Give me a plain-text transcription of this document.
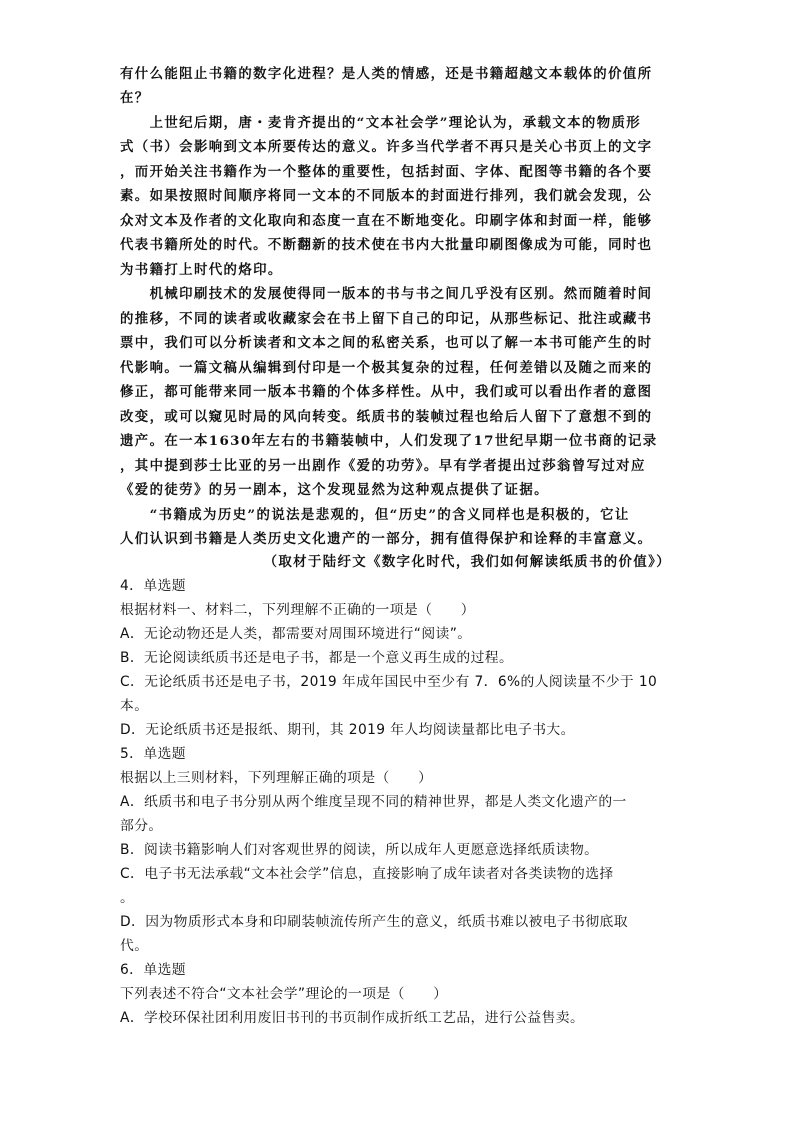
有什么能阻止书籍的数字化进程？是人类的情感，还是书籍超越文本载体的价值所
在？
　　上世纪后期，唐・麦肯齐提出的“文本社会学”理论认为，承载文本的物质形
式（书）会影响到文本所要传达的意义。许多当代学者不再只是关心书页上的文字
，而开始关注书籍作为一个整体的重要性，包括封面、字体、配图等书籍的各个要
素。如果按照时间顺序将同一文本的不同版本的封面进行排列，我们就会发现，公
众对文本及作者的文化取向和态度一直在不断地变化。印刷字体和封面一样，能够
代表书籍所处的时代。不断翻新的技术使在书内大批量印刷图像成为可能，同时也
为书籍打上时代的烙印。
　　机械印刷技术的发展使得同一版本的书与书之间几乎没有区别。然而随着时间
的推移，不同的读者或收藏家会在书上留下自己的印记，从那些标记、批注或藏书
票中，我们可以分析读者和文本之间的私密关系，也可以了解一本书可能产生的时
代影响。一篇文稿从编辑到付印是一个极其复杂的过程，任何差错以及随之而来的
修正，都可能带来同一版本书籍的个体多样性。从中，我们或可以看出作者的意图
改变，或可以窥见时局的风向转变。纸质书的装帧过程也给后人留下了意想不到的
遗产。在一本1630年左右的书籍装帧中，人们发现了17世纪早期一位书商的记录
，其中提到莎士比亚的另一出剧作《爱的功劳》。早有学者提出过莎翁曾写过对应
《爱的徒劳》的另一剧本，这个发现显然为这种观点提供了证据。
　　“书籍成为历史”的说法是悲观的，但“历史”的含义同样也是积极的，它让
人们认识到书籍是人类历史文化遗产的一部分，拥有值得保护和诠释的丰富意义。
（取材于陆纡文《数字化时代，我们如何解读纸质书的价值》）
4．单选题
根据材料一、材料二，下列理解不正确的一项是（　　）
A．无论动物还是人类，都需要对周围环境进行“阅读”。
B．无论阅读纸质书还是电子书，都是一个意义再生成的过程。
C．无论纸质书还是电子书，2019 年成年国民中至少有 7．6%的人阅读量不少于 10
本。
D．无论纸质书还是报纸、期刊，其 2019 年人均阅读量都比电子书大。
5．单选题
根据以上三则材料，下列理解正确的项是（　　）
A．纸质书和电子书分别从两个维度呈现不同的精神世界，都是人类文化遗产的一
部分。
B．阅读书籍影响人们对客观世界的阅读，所以成年人更愿意选择纸质读物。
C．电子书无法承载“文本社会学”信息，直接影响了成年读者对各类读物的选择
。
D．因为物质形式本身和印刷装帧流传所产生的意义，纸质书难以被电子书彻底取
代。
6．单选题
下列表述不符合“文本社会学”理论的一项是（　　）
A．学校环保社团利用废旧书刊的书页制作成折纸工艺品，进行公益售卖。
